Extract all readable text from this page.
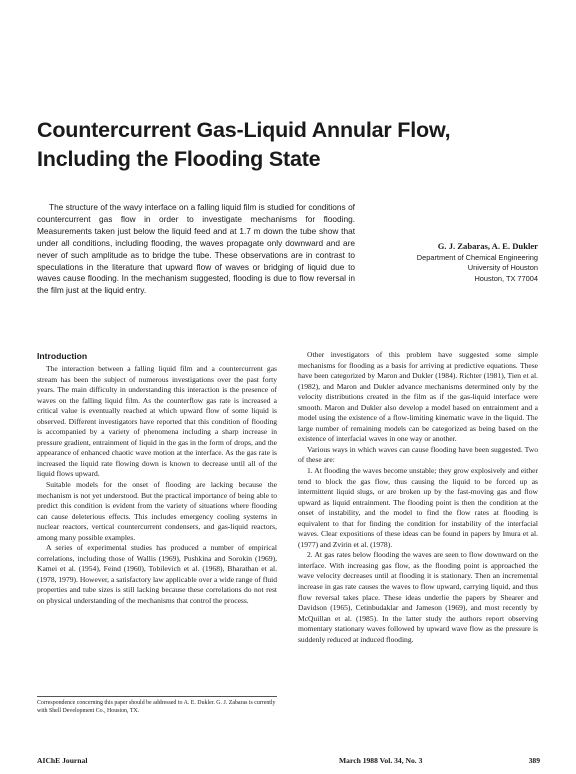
Countercurrent Gas-Liquid Annular Flow, Including the Flooding State

The structure of the wavy interface on a falling liquid film is studied for conditions of countercurrent gas flow in order to investigate mechanisms for flooding. Measurements taken just below the liquid feed and at 1.7 m down the tube show that under all conditions, including flooding, the waves propagate only downward and are never of such amplitude as to bridge the tube. These observations are in contrast to speculations in the literature that upward flow of waves or bridging of liquid due to waves cause flooding. In the mechanism suggested, flooding is due to flow reversal in the film just at the liquid entry.

G. J. Zabaras, A. E. Dukler
Department of Chemical Engineering
University of Houston
Houston, TX 77004
Introduction

The interaction between a falling liquid film and a countercurrent gas stream has been the subject of numerous investigations over the past forty years. The main difficulty in understanding this interaction is the presence of waves on the falling liquid film. As the counterflow gas rate is increased a critical value is eventually reached at which upward flow of some liquid is observed. Different investigators have reported that this condition of flooding is accompanied by a variety of phenomena including a sharp increase in pressure gradient, entrainment of liquid in the gas in the form of drops, and the appearance of enhanced chaotic wave motion at the interface. As the gas rate is increased the liquid rate flowing down is known to decrease until all of the liquid flows upward.

Suitable models for the onset of flooding are lacking because the mechanism is not yet understood. But the practical importance of being able to predict this condition is evident from the variety of situations where flooding can cause deleterious effects. This includes emergency cooling systems in nuclear reactors, vertical countercurrent condensers, and gas-liquid reactors, among many possible examples.

A series of experimental studies has produced a number of empirical correlations, including those of Wallis (1969), Pushkina and Sorokin (1969), Kamei et al. (1954), Feind (1960), Tobilevich et al. (1968), Bharathan et al. (1978, 1979). However, a satisfactory law applicable over a wide range of fluid properties and tube sizes is still lacking because these correlations do not rest on physical understanding of the mechanisms that control the process.

Other investigators of this problem have suggested some simple mechanisms for flooding as a basis for arriving at predictive equations. These have been categorized by Maron and Dukler (1984). Richter (1981), Tien et al. (1982), and Maron and Dukler advance mechanisms determined only by the velocity distributions created in the film as if the gas-liquid interface were smooth. Maron and Dukler also develop a model based on entrainment and a model using the existence of a flow-limiting kinematic wave in the liquid. The large number of remaining models can be categorized as being based on the existence of interfacial waves in one way or another.

Various ways in which waves can cause flooding have been suggested. Two of these are:

1. At flooding the waves become unstable; they grow explosively and either tend to block the gas flow, thus causing the liquid to be forced up as intermittent liquid slugs, or are broken up by the fast-moving gas and flow upward as liquid entrainment. The flooding point is then the condition at the onset of instability, and the model to find the flow rates at flooding is equivalent to that for finding the condition for instability of the interfacial waves. Clear expositions of these ideas can be found in papers by Imura et al. (1977) and Zvirin et al. (1978).

2. At gas rates below flooding the waves are seen to flow downward on the interface. With increasing gas flow, as the flooding point is approached the wave velocity decreases until at flooding it is stationary. Then an incremental increase in gas rate causes the waves to flow upward, carrying liquid, and thus flow reversal takes place. These ideas underlie the papers by Shearer and Davidson (1965), Cetinbudaklar and Jameson (1969), and most recently by McQuillan et al. (1985). In the latter study the authors report observing momentary stationary waves followed by upward wave flow as the pressure is suddenly reduced at induced flooding.

Correspondence concerning this paper should be addressed to A. E. Dukler. G. J. Zabaras is currently with Shell Development Co., Houston, TX.

AIChE Journal	March 1988 Vol. 34, No. 3	389
